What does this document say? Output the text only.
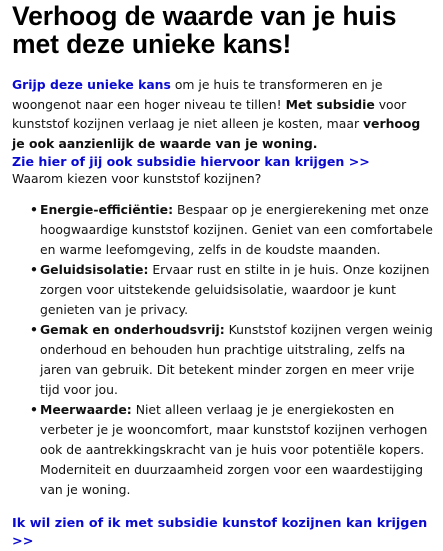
Verhoog de waarde van je huis met deze unieke kans!

Grijp deze unieke kans om je huis te transformeren en je woongenot naar een hoger niveau te tillen! Met subsidie voor kunststof kozijnen verlaag je niet alleen je kosten, maar verhoog je ook aanzienlijk de waarde van je woning.

Zie hier of jij ook subsidie hiervoor kan krijgen >>

Waarom kiezen voor kunststof kozijnen?

• Energie-efficiëntie: Bespaar op je energierekening met onze hoogwaardige kunststof kozijnen. Geniet van een comfortabele en warme leefomgeving, zelfs in de koudste maanden.
• Geluidsisolatie: Ervaar rust en stilte in je huis. Onze kozijnen zorgen voor uitstekende geluidsisolatie, waardoor je kunt genieten van je privacy.
• Gemak en onderhoudsvrij: Kunststof kozijnen vergen weinig onderhoud en behouden hun prachtige uitstraling, zelfs na jaren van gebruik. Dit betekent minder zorgen en meer vrije tijd voor jou.
• Meerwaarde: Niet alleen verlaag je je energiekosten en verbeter je je wooncomfort, maar kunststof kozijnen verhogen ook de aantrekkingskracht van je huis voor potentiële kopers. Moderniteit en duurzaamheid zorgen voor een waardestijging van je woning.
Ik wil zien of ik met subsidie kunstof kozijnen kan krijgen >>
